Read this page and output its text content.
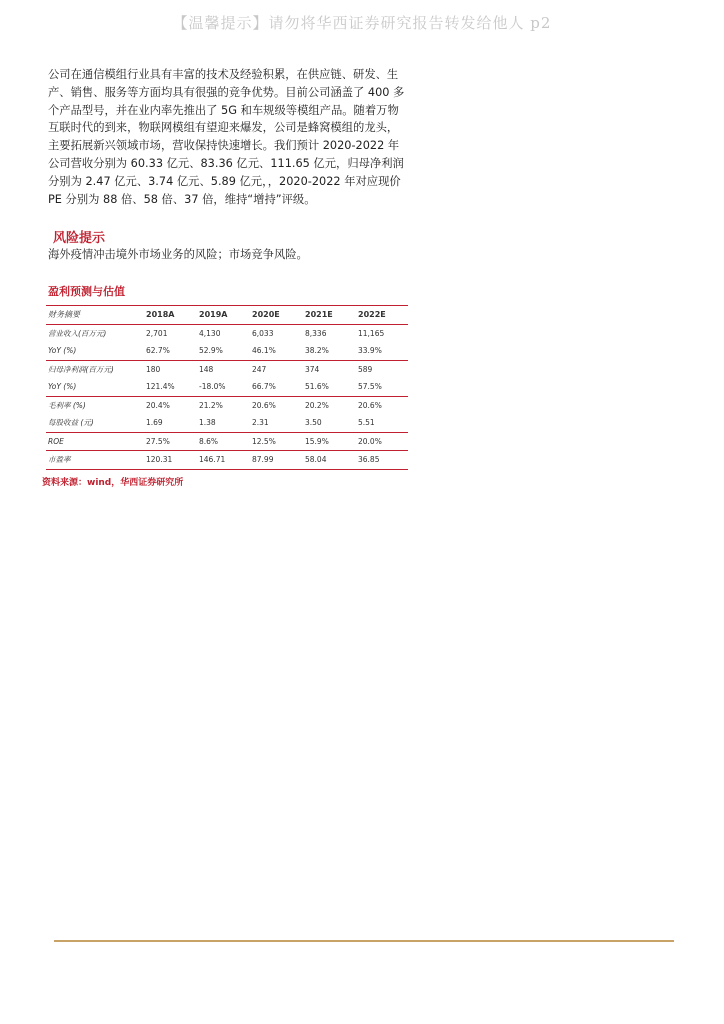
【温馨提示】请勿将华西证券研究报告转发给他人 p2

公司在通信模组行业具有丰富的技术及经验积累，在供应链、研发、生产、销售、服务等方面均具有很强的竞争优势。目前公司涵盖了 400 多个产品型号，并在业内率先推出了 5G 和车规级等模组产品。随着万物互联时代的到来，物联网模组有望迎来爆发，公司是蜂窝模组的龙头，主要拓展新兴领域市场，营收保持快速增长。我们预计 2020-2022 年公司营收分别为 60.33 亿元、83.36 亿元、111.65 亿元，归母净利润分别为 2.47 亿元、3.74 亿元、5.89 亿元，，2020-2022 年对应现价 PE 分别为 88 倍、58 倍、37 倍，维持“增持”评级。

风险提示
海外疫情冲击境外市场业务的风险；市场竞争风险。
盈利预测与估值
财务摘要	2018A	2019A	2020E	2021E	2022E
营业收入(百万元)	2,701	4,130	6,033	8,336	11,165
YoY (%)	62.7%	52.9%	46.1%	38.2%	33.9%
归母净利润(百万元)	180	148	247	374	589
YoY (%)	121.4%	-18.0%	66.7%	51.6%	57.5%
毛利率 (%)	20.4%	21.2%	20.6%	20.2%	20.6%
每股收益 (元)	1.69	1.38	2.31	3.50	5.51
ROE	27.5%	8.6%	12.5%	15.9%	20.0%
市盈率	120.31	146.71	87.99	58.04	36.85
资料来源：wind，华西证券研究所
